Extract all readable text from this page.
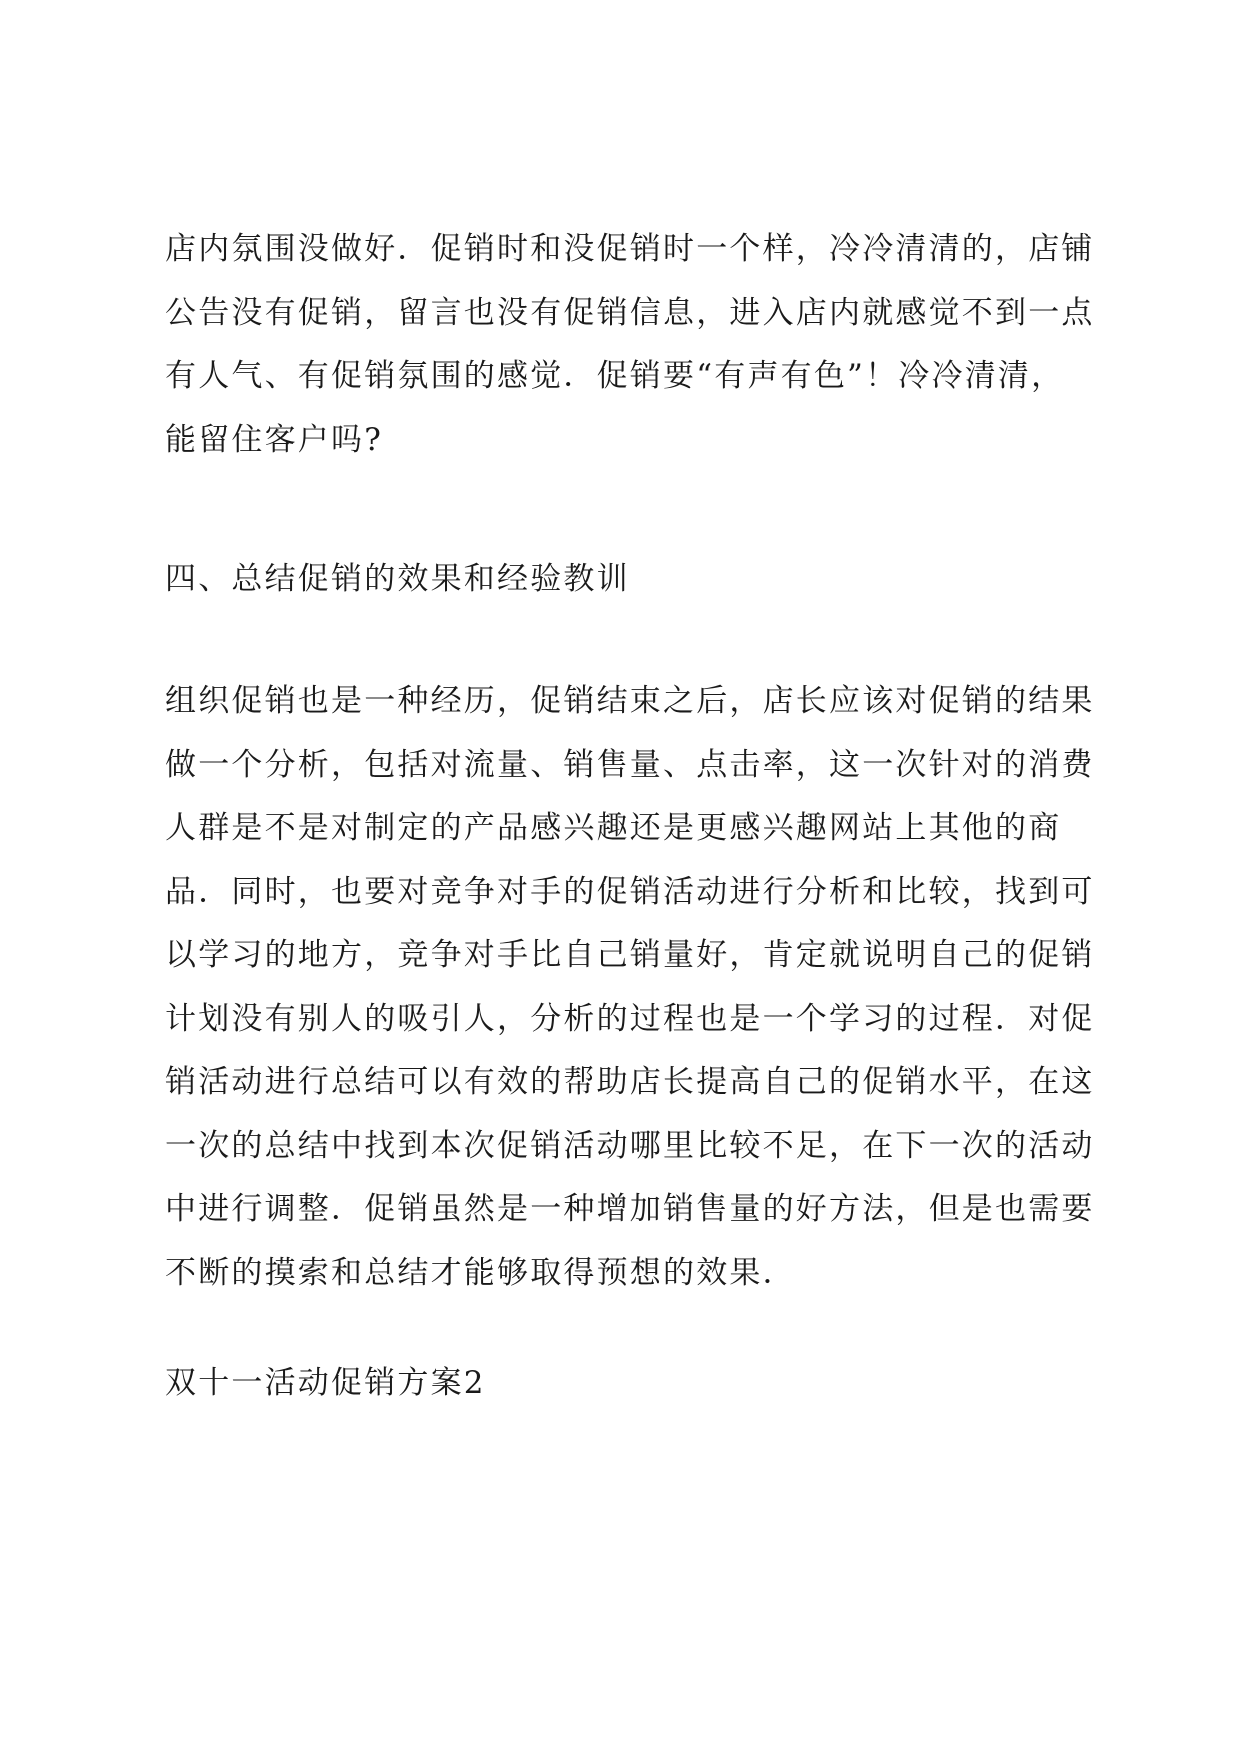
店内氛围没做好．促销时和没促销时一个样，冷冷清清的，店铺
公告没有促销，留言也没有促销信息，进入店内就感觉不到一点
有人气、有促销氛围的感觉．促销要“有声有色”！冷冷清清，
能留住客户吗?

四、总结促销的效果和经验教训

组织促销也是一种经历，促销结束之后，店长应该对促销的结果
做一个分析，包括对流量、销售量、点击率，这一次针对的消费
人群是不是对制定的产品感兴趣还是更感兴趣网站上其他的商
品．同时，也要对竞争对手的促销活动进行分析和比较，找到可
以学习的地方，竞争对手比自己销量好，肯定就说明自己的促销
计划没有别人的吸引人，分析的过程也是一个学习的过程．对促
销活动进行总结可以有效的帮助店长提高自己的促销水平，在这
一次的总结中找到本次促销活动哪里比较不足，在下一次的活动
中进行调整．促销虽然是一种增加销售量的好方法，但是也需要
不断的摸索和总结才能够取得预想的效果．

双十一活动促销方案2
